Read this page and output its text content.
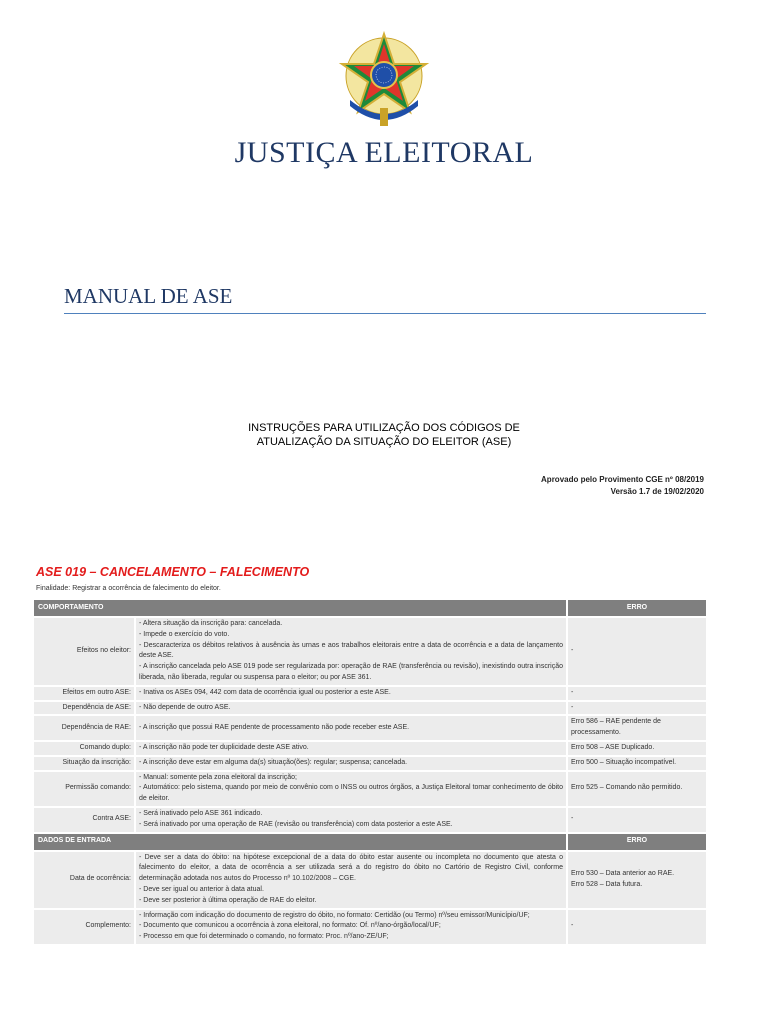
JUSTIÇA ELEITORAL
MANUAL DE ASE
INSTRUÇÕES PARA UTILIZAÇÃO DOS CÓDIGOS DE
ATUALIZAÇÃO DA SITUAÇÃO DO ELEITOR (ASE)
Aprovado pelo Provimento CGE nº 08/2019
Versão 1.7 de 19/02/2020
ASE 019 – CANCELAMENTO – FALECIMENTO
Finalidade: Registrar a ocorrência de falecimento do eleitor.
COMPORTAMENTO		ERRO
Efeitos no eleitor:	- Altera situação da inscrição para: cancelada.
- Impede o exercício do voto.
- Descaracteriza os débitos relativos à ausência às urnas e aos trabalhos eleitorais entre a data de ocorrência e a data de lançamento deste ASE.
- A inscrição cancelada pelo ASE 019 pode ser regularizada por: operação de RAE (transferência ou revisão), inexistindo outra inscrição liberada, não liberada, regular ou suspensa para o eleitor; ou por ASE 361.	-

Efeitos em outro ASE:	- Inativa os ASEs 094, 442 com data de ocorrência igual ou posterior a este ASE.	-

Dependência de ASE:	- Não depende de outro ASE.	-

Dependência de RAE:	- A inscrição que possui RAE pendente de processamento não pode receber este ASE.	Erro 586 – RAE pendente de processamento.

Comando duplo:	- A inscrição não pode ter duplicidade deste ASE ativo.	Erro 508 – ASE Duplicado.

Situação da inscrição:	- A inscrição deve estar em alguma da(s) situação(ões): regular; suspensa; cancelada.	Erro 500 – Situação incompatível.

Permissão comando:	- Manual: somente pela zona eleitoral da inscrição;
- Automático: pelo sistema, quando por meio de convênio com o INSS ou outros órgãos, a Justiça Eleitoral tomar conhecimento de óbito de eleitor.	Erro 525 – Comando não permitido.

Contra ASE:	- Será inativado pelo ASE 361 indicado.
- Será inativado por uma operação de RAE (revisão ou transferência) com data posterior a este ASE.	-

DADOS DE ENTRADA		ERRO
Data de ocorrência:	- Deve ser a data do óbito: na hipótese excepcional de a data do óbito estar ausente ou incompleta no documento que atesta o falecimento do eleitor, a data de ocorrência a ser utilizada será a do registro do óbito no Cartório de Registro Civil, conforme determinação adotada nos autos do Processo nº 10.102/2008 – CGE.
- Deve ser igual ou anterior à data atual.
- Deve ser posterior à última operação de RAE do eleitor.	Erro 530 – Data anterior ao RAE.
Erro 528 – Data futura.

Complemento:	- Informação com indicação do documento de registro do óbito, no formato: Certidão (ou Termo) nº/seu emissor/Município/UF;
- Documento que comunicou a ocorrência à zona eleitoral, no formato: Of. nº/ano-órgão/local/UF;
- Processo em que foi determinado o comando, no formato: Proc. nº/ano-ZE/UF;	-
